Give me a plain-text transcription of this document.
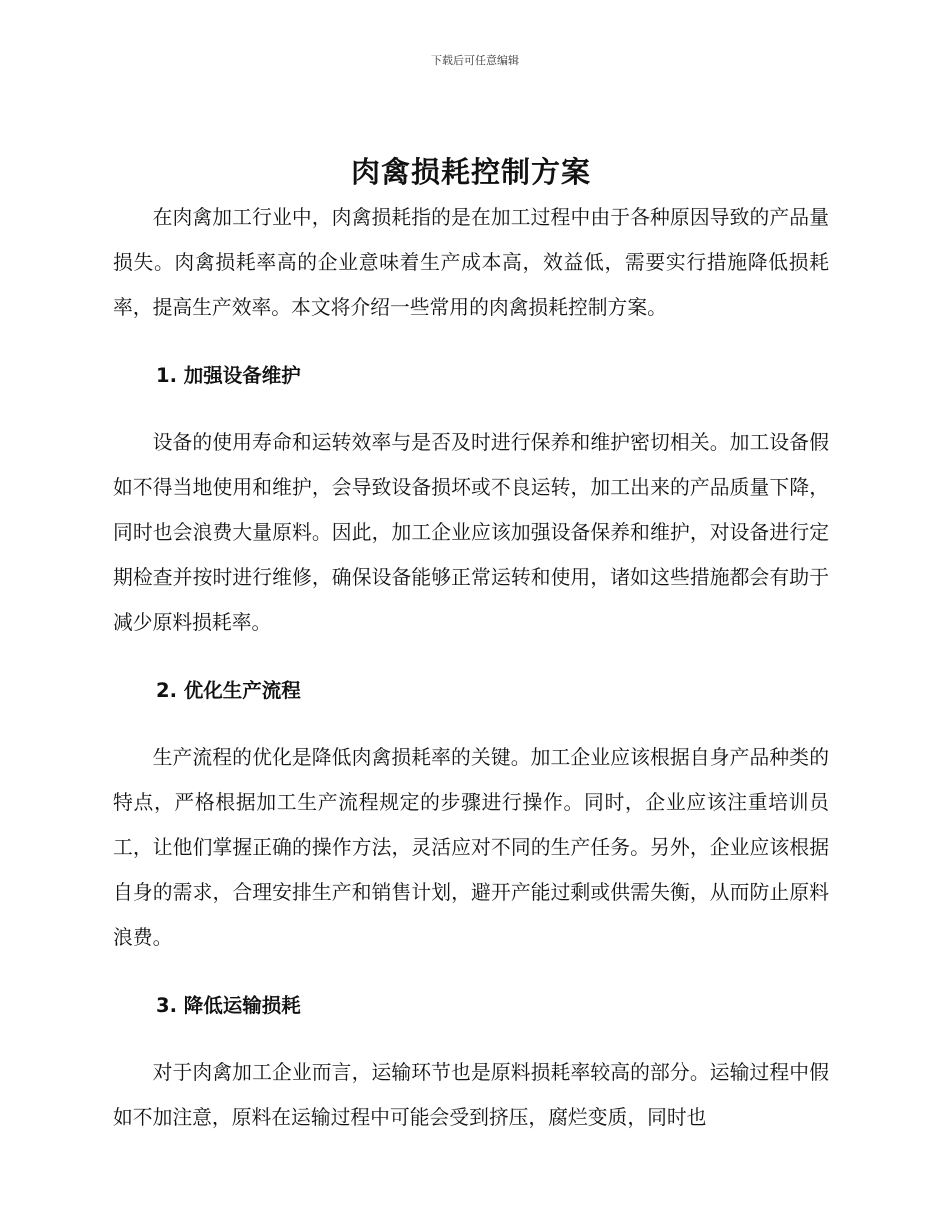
下载后可任意编辑
肉禽损耗控制方案

在肉禽加工行业中，肉禽损耗指的是在加工过程中由于各种原因导致的产品量损失。肉禽损耗率高的企业意味着生产成本高，效益低，需要实行措施降低损耗率，提高生产效率。本文将介绍一些常用的肉禽损耗控制方案。

1. 加强设备维护

设备的使用寿命和运转效率与是否及时进行保养和维护密切相关。加工设备假如不得当地使用和维护，会导致设备损坏或不良运转，加工出来的产品质量下降，同时也会浪费大量原料。因此，加工企业应该加强设备保养和维护，对设备进行定期检查并按时进行维修，确保设备能够正常运转和使用，诸如这些措施都会有助于减少原料损耗率。

2. 优化生产流程

生产流程的优化是降低肉禽损耗率的关键。加工企业应该根据自身产品种类的特点，严格根据加工生产流程规定的步骤进行操作。同时，企业应该注重培训员工，让他们掌握正确的操作方法，灵活应对不同的生产任务。另外，企业应该根据自身的需求，合理安排生产和销售计划，避开产能过剩或供需失衡，从而防止原料浪费。

3. 降低运输损耗

对于肉禽加工企业而言，运输环节也是原料损耗率较高的部分。运输过程中假如不加注意，原料在运输过程中可能会受到挤压，腐烂变质，同时也
